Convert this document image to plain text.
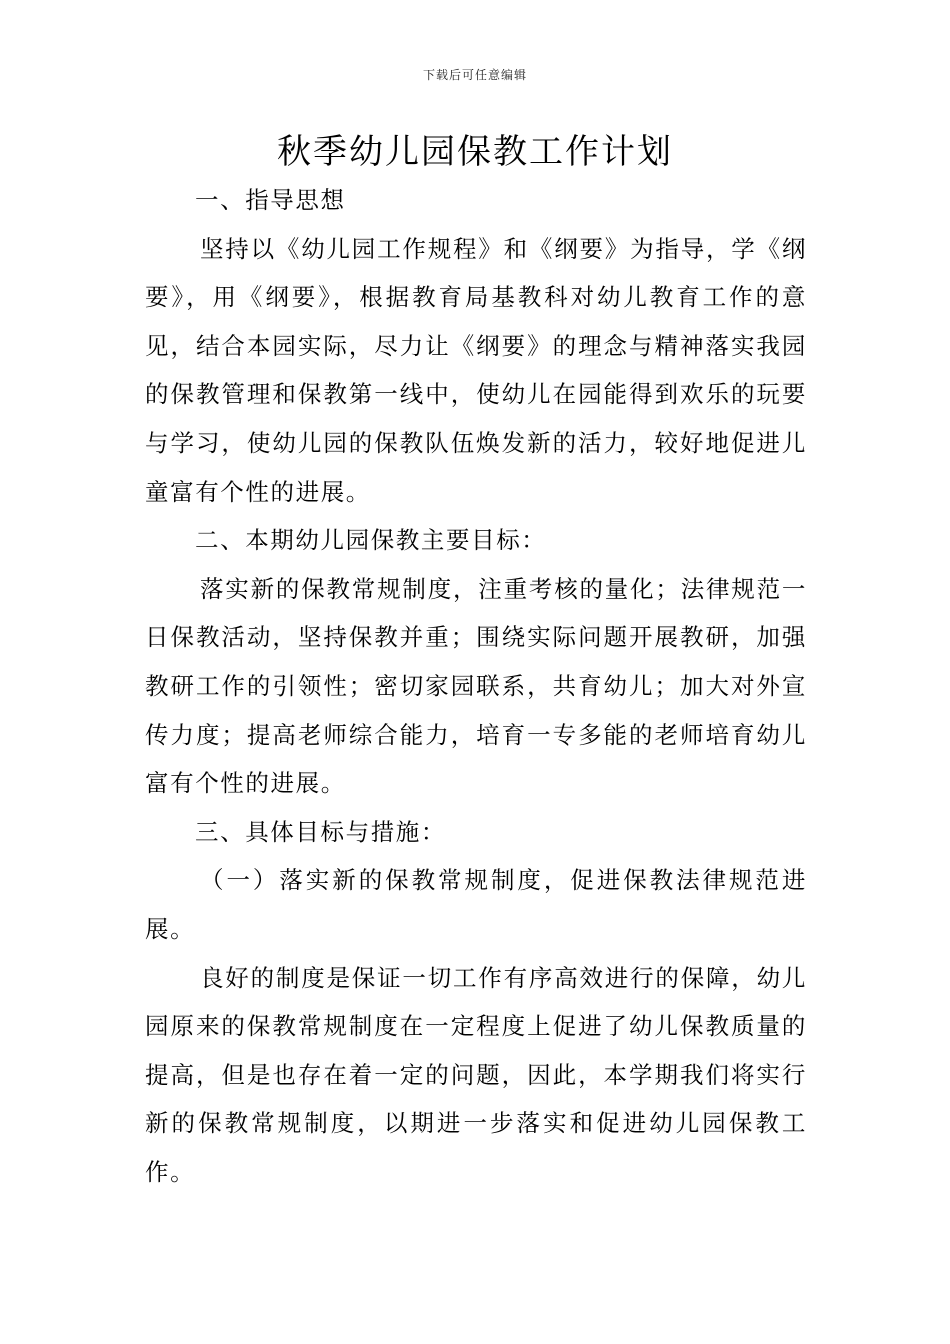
下载后可任意编辑
秋季幼儿园保教工作计划

一、指导思想

坚持以《幼儿园工作规程》和《纲要》为指导，学《纲要》，用《纲要》，根据教育局基教科对幼儿教育工作的意见，结合本园实际，尽力让《纲要》的理念与精神落实我园的保教管理和保教第一线中，使幼儿在园能得到欢乐的玩要与学习，使幼儿园的保教队伍焕发新的活力，较好地促进儿童富有个性的进展。

二、本期幼儿园保教主要目标：

落实新的保教常规制度，注重考核的量化；法律规范一日保教活动，坚持保教并重；围绕实际问题开展教研，加强教研工作的引领性；密切家园联系，共育幼儿；加大对外宣传力度；提高老师综合能力，培育一专多能的老师培育幼儿富有个性的进展。

三、具体目标与措施：

（一）落实新的保教常规制度，促进保教法律规范进展。

良好的制度是保证一切工作有序高效进行的保障，幼儿园原来的保教常规制度在一定程度上促进了幼儿保教质量的提高，但是也存在着一定的问题，因此，本学期我们将实行新的保教常规制度，以期进一步落实和促进幼儿园保教工作。
